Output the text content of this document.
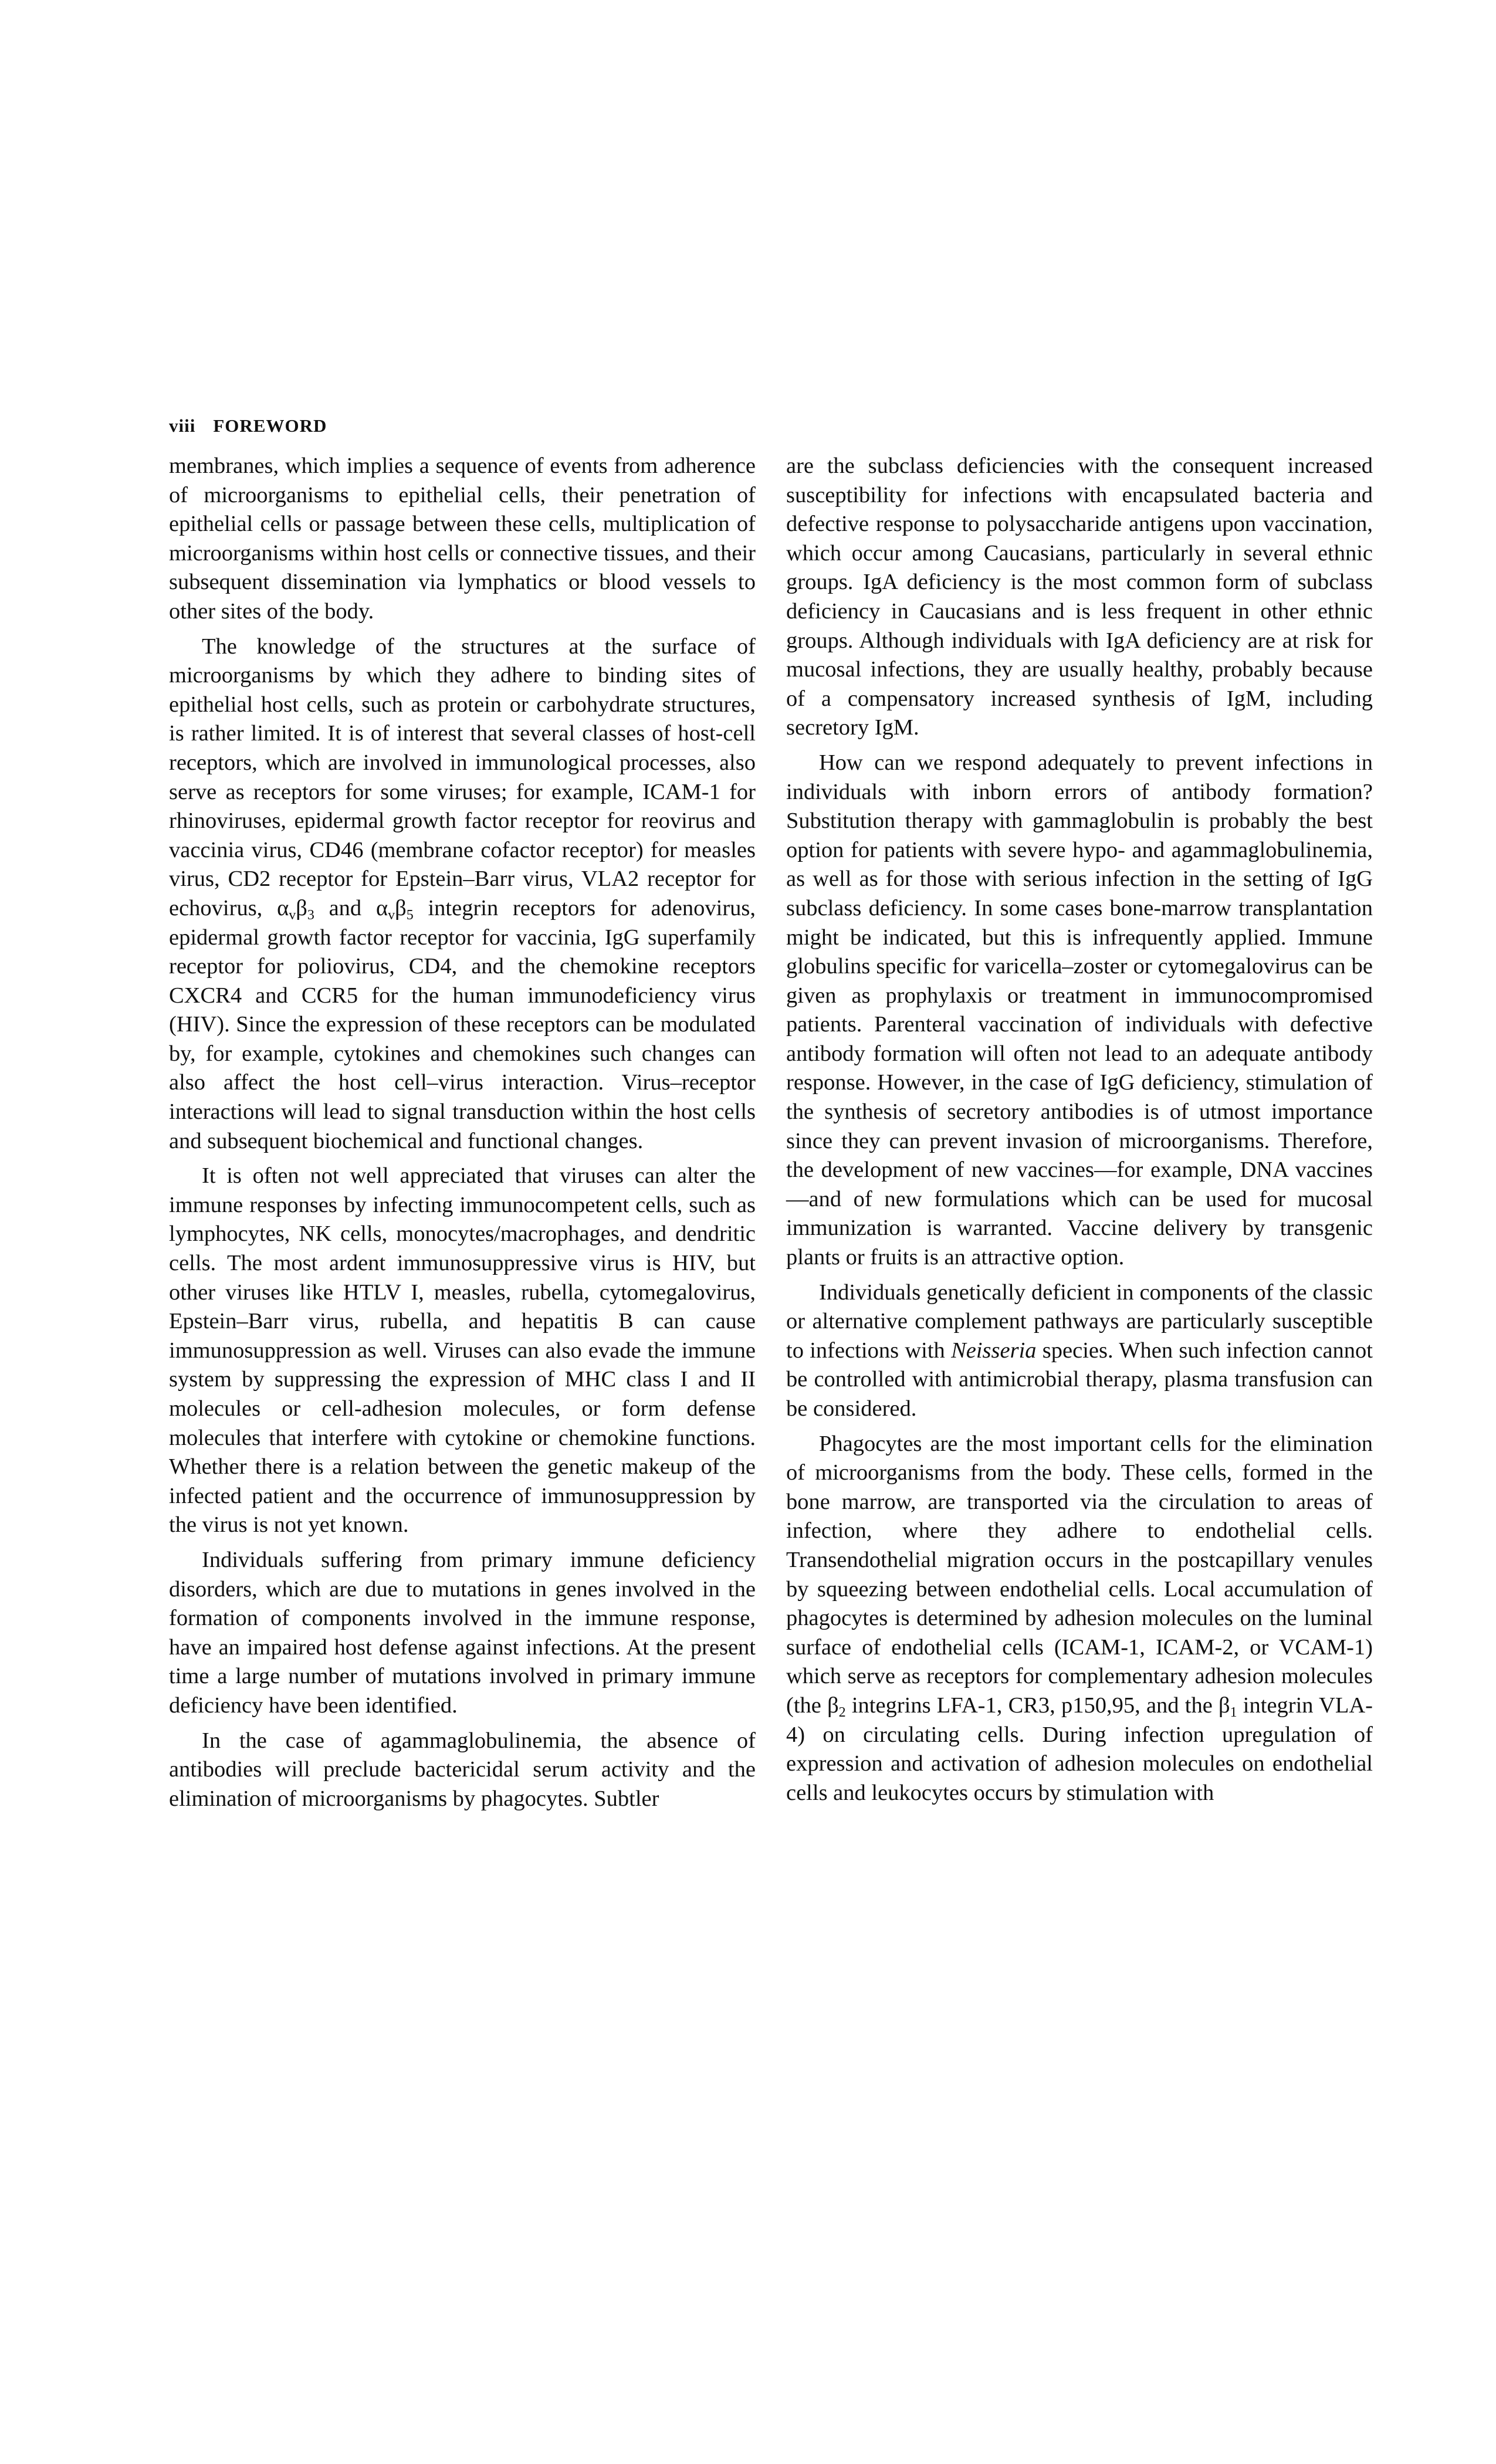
viii FOREWORD

membranes, which implies a sequence of events from adherence of microorganisms to epithelial cells, their penetration of epithelial cells or passage between these cells, multiplication of microorganisms within host cells or connective tissues, and their subsequent dissemination via lymphatics or blood vessels to other sites of the body.

The knowledge of the structures at the surface of microorganisms by which they adhere to binding sites of epithelial host cells, such as protein or carbohydrate structures, is rather limited. It is of interest that several classes of host-cell receptors, which are involved in immunological processes, also serve as receptors for some viruses; for example, ICAM-1 for rhinoviruses, epidermal growth factor receptor for reovirus and vaccinia virus, CD46 (membrane cofactor receptor) for measles virus, CD2 receptor for Epstein–Barr virus, VLA2 receptor for echovirus, $\alpha_v\beta_3$ and $\alpha_v\beta_5$ integrin receptors for adenovirus, epidermal growth factor receptor for vaccinia, IgG superfamily receptor for poliovirus, CD4, and the chemokine receptors CXCR4 and CCR5 for the human immunodeficiency virus (HIV). Since the expression of these receptors can be modulated by, for example, cytokines and chemokines such changes can also affect the host cell–virus interaction. Virus–receptor interactions will lead to signal transduction within the host cells and subsequent biochemical and functional changes.

It is often not well appreciated that viruses can alter the immune responses by infecting immunocompetent cells, such as lymphocytes, NK cells, monocytes/macrophages, and dendritic cells. The most ardent immunosuppressive virus is HIV, but other viruses like HTLV I, measles, rubella, cytomegalovirus, Epstein–Barr virus, rubella, and hepatitis B can cause immunosuppression as well. Viruses can also evade the immune system by suppressing the expression of MHC class I and II molecules or cell-adhesion molecules, or form defense molecules that interfere with cytokine or chemokine functions. Whether there is a relation between the genetic makeup of the infected patient and the occurrence of immunosuppression by the virus is not yet known.

Individuals suffering from primary immune deficiency disorders, which are due to mutations in genes involved in the formation of components involved in the immune response, have an impaired host defense against infections. At the present time a large number of mutations involved in primary immune deficiency have been identified.

In the case of agammaglobulinemia, the absence of antibodies will preclude bactericidal serum activity and the elimination of microorganisms by phagocytes. Subtler

are the subclass deficiencies with the consequent increased susceptibility for infections with encapsulated bacteria and defective response to polysaccharide antigens upon vaccination, which occur among Caucasians, particularly in several ethnic groups. IgA deficiency is the most common form of subclass deficiency in Caucasians and is less frequent in other ethnic groups. Although individuals with IgA deficiency are at risk for mucosal infections, they are usually healthy, probably because of a compensatory increased synthesis of IgM, including secretory IgM.

How can we respond adequately to prevent infections in individuals with inborn errors of antibody formation? Substitution therapy with gammaglobulin is probably the best option for patients with severe hypo- and agammaglobulinemia, as well as for those with serious infection in the setting of IgG subclass deficiency. In some cases bone-marrow transplantation might be indicated, but this is infrequently applied. Immune globulins specific for varicella–zoster or cytomegalovirus can be given as prophylaxis or treatment in immunocompromised patients. Parenteral vaccination of individuals with defective antibody formation will often not lead to an adequate antibody response. However, in the case of IgG deficiency, stimulation of the synthesis of secretory antibodies is of utmost importance since they can prevent invasion of microorganisms. Therefore, the development of new vaccines—for example, DNA vaccines—and of new formulations which can be used for mucosal immunization is warranted. Vaccine delivery by transgenic plants or fruits is an attractive option.

Individuals genetically deficient in components of the classic or alternative complement pathways are particularly susceptible to infections with Neisseria species. When such infection cannot be controlled with antimicrobial therapy, plasma transfusion can be considered.

Phagocytes are the most important cells for the elimination of microorganisms from the body. These cells, formed in the bone marrow, are transported via the circulation to areas of infection, where they adhere to endothelial cells. Transendothelial migration occurs in the postcapillary venules by squeezing between endothelial cells. Local accumulation of phagocytes is determined by adhesion molecules on the luminal surface of endothelial cells (ICAM-1, ICAM-2, or VCAM-1) which serve as receptors for complementary adhesion molecules (the $\beta_2$ integrins LFA-1, CR3, p150,95, and the $\beta_1$ integrin VLA-4) on circulating cells. During infection upregulation of expression and activation of adhesion molecules on endothelial cells and leukocytes occurs by stimulation with
